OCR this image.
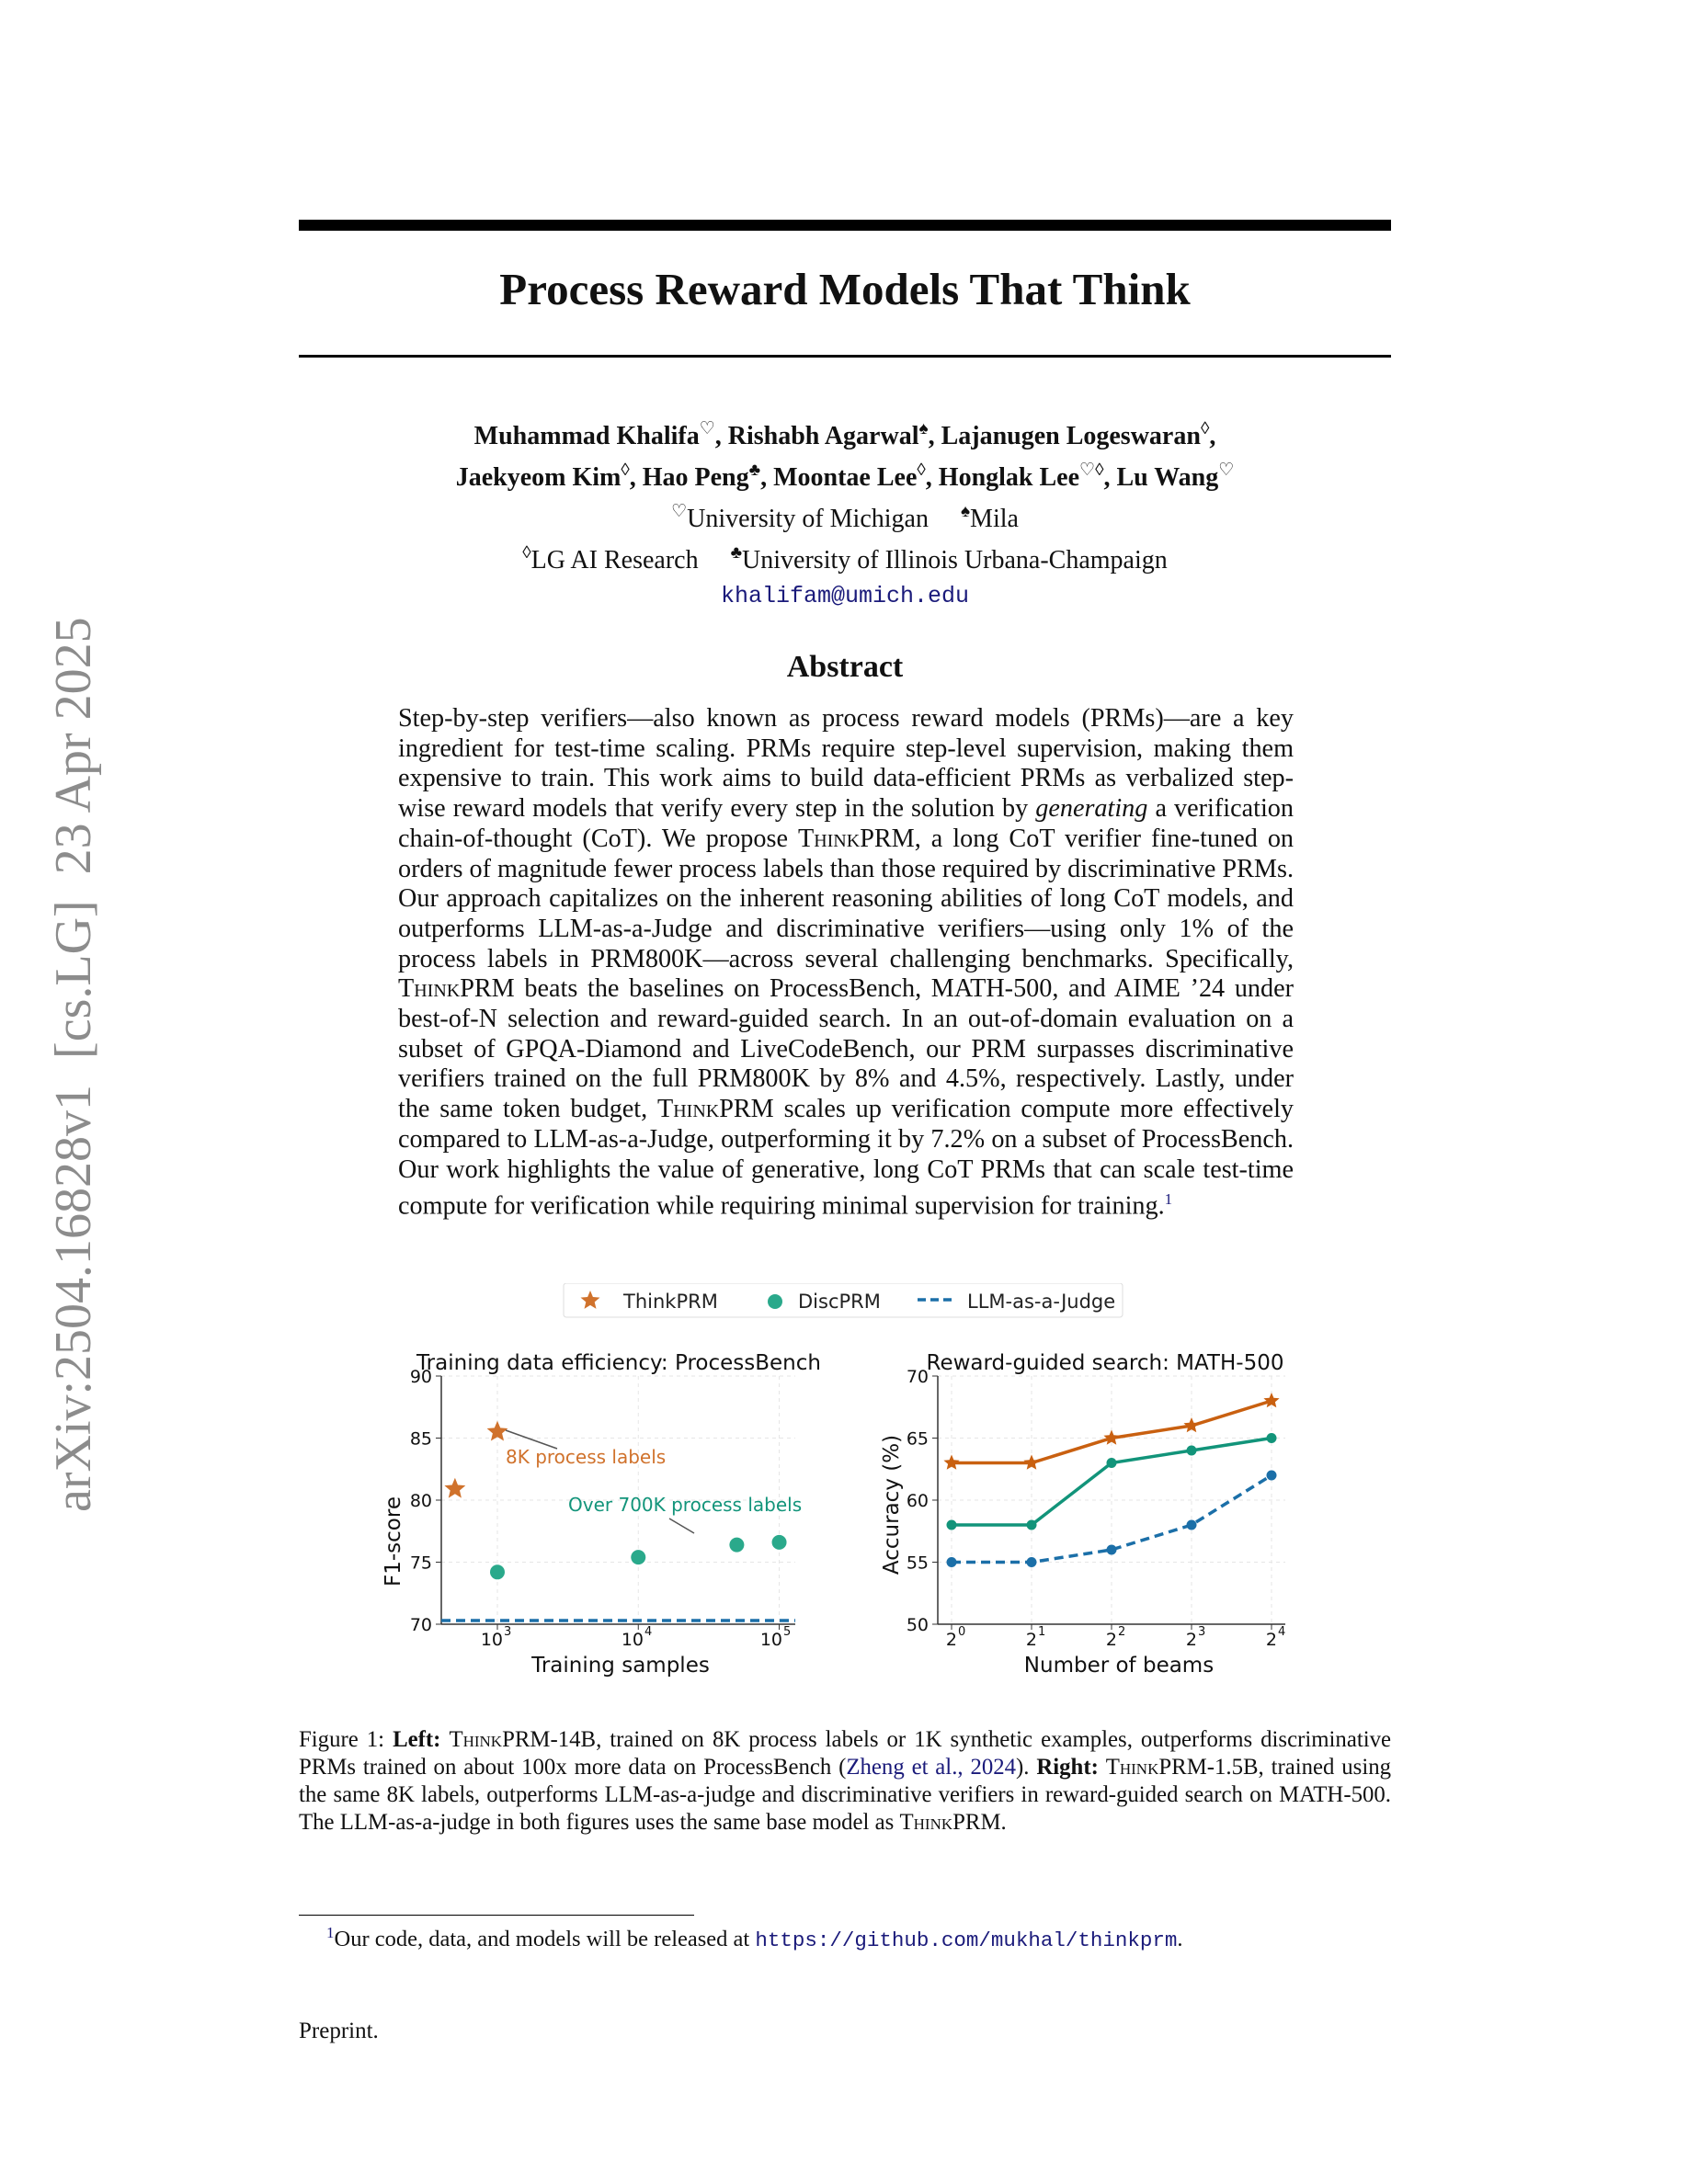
arXiv:2504.16828v1  [cs.LG]  23 Apr 2025
Process Reward Models That Think
Muhammad Khalifa♡, Rishabh Agarwal♠, Lajanugen Logeswaran◊,
Jaekyeom Kim◊, Hao Peng♣, Moontae Lee◊, Honglak Lee♡◊, Lu Wang♡
♡University of Michigan ♠Mila
◊LG AI Research ♣University of Illinois Urbana-Champaign
khalifam@umich.edu
Abstract
Step-by-step verifiers—also known as process reward models (PRMs)—are a key ingredient for test-time scaling. PRMs require step-level supervision, making them expensive to train. This work aims to build data-efficient PRMs as verbalized step-wise reward models that verify every step in the solution by generating a verification chain-of-thought (CoT). We propose ThinkPRM, a long CoT verifier fine-tuned on orders of magnitude fewer process labels than those required by discriminative PRMs. Our approach capitalizes on the inherent reasoning abilities of long CoT models, and outperforms LLM-as-a-Judge and discriminative verifiers—using only 1% of the process labels in PRM800K—across several challenging benchmarks. Specifically, ThinkPRM beats the baselines on ProcessBench, MATH-500, and AIME ’24 under best-of-N selection and reward-guided search. In an out-of-domain evaluation on a subset of GPQA-Diamond and LiveCodeBench, our PRM surpasses discriminative verifiers trained on the full PRM800K by 8% and 4.5%, respectively. Lastly, under the same token budget, ThinkPRM scales up verification compute more effectively compared to LLM-as-a-Judge, outperforming it by 7.2% on a subset of ProcessBench. Our work highlights the value of generative, long CoT PRMs that can scale test-time compute for verification while requiring minimal supervision for training.$^1$
ThinkPRM	DiscPRM	LLM-as-a-Judge
Training data efficiency: ProcessBench
70
75
80
85
90
8K process labels
Over 700K process labels
Training samples
F1-score
10 3	10 4	10 5
Reward-guided search: MATH-500
50
55
60
65
70
Number of beams
Accuracy (%)
2 0	2 1	2 2	2 3	2 4
Figure 1: Left: ThinkPRM-14B, trained on 8K process labels or 1K synthetic examples, outperforms discriminative PRMs trained on about 100x more data on ProcessBench (Zheng et al., 2024). Right: ThinkPRM-1.5B, trained using the same 8K labels, outperforms LLM-as-a-judge and discriminative verifiers in reward-guided search on MATH-500. The LLM-as-a-judge in both figures uses the same base model as ThinkPRM.
$^1$Our code, data, and models will be released at https://github.com/mukhal/thinkprm.
Preprint.
